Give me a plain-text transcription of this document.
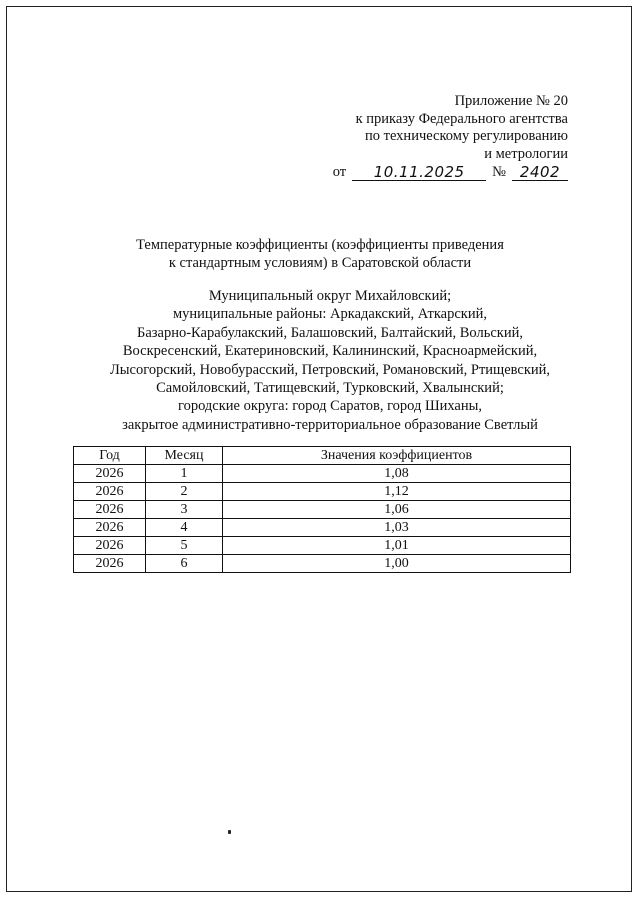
Приложение № 20
к приказу Федерального агентства
по техническому регулированию
и метрологии
от	10.11.2025	№ 2402
Температурные коэффициенты (коэффициенты приведения
к стандартным условиям) в Саратовской области
Муниципальный округ Михайловский;
муниципальные районы: Аркадакский, Аткарский,
Базарно-Карабулакский, Балашовский, Балтайский, Вольский,
Воскресенский, Екатериновский, Калининский, Красноармейский,
Лысогорский, Новобурасский, Петровский, Романовский, Ртищевский,
Самойловский, Татищевский, Турковский, Хвалынский;
городские округа: город Саратов, город Шиханы,
закрытое административно-территориальное образование Светлый
Год	Месяц	Значения коэффициентов
2026	1	1,08
2026	2	1,12
2026	3	1,06
2026	4	1,03
2026	5	1,01
2026	6	1,00
